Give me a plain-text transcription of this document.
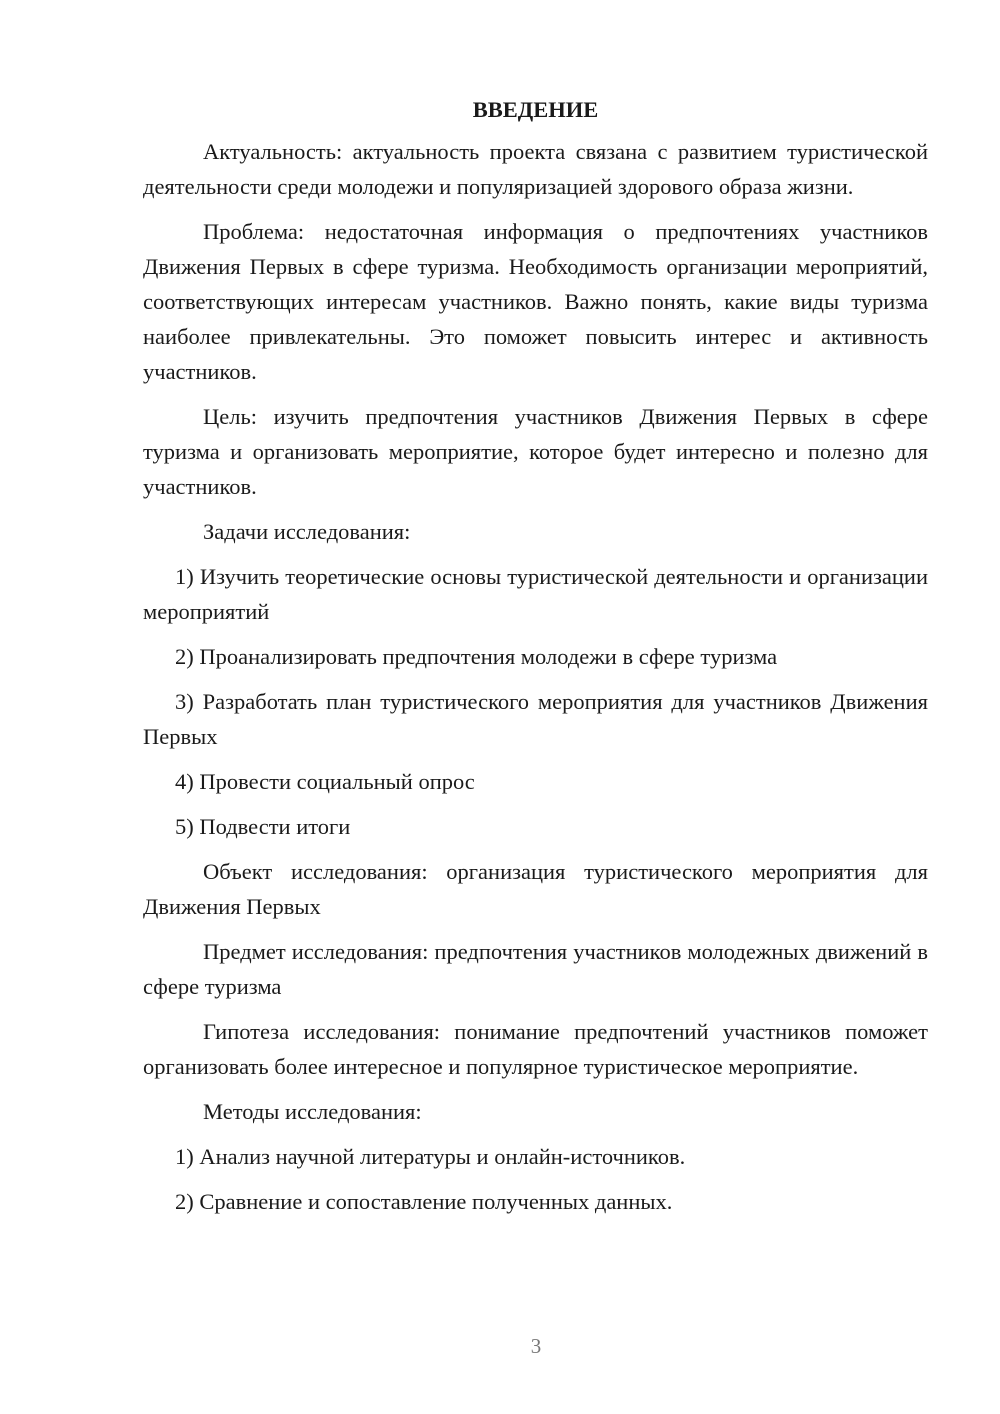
ВВЕДЕНИЕ

Актуальность: актуальность проекта связана с развитием туристической деятельности среди молодежи и популяризацией здорового образа жизни.

Проблема: недостаточная информация о предпочтениях участников Движения Первых в сфере туризма. Необходимость организации мероприятий, соответствующих интересам участников. Важно понять, какие виды туризма наиболее привлекательны. Это поможет повысить интерес и активность участников.

Цель: изучить предпочтения участников Движения Первых в сфере туризма и организовать мероприятие, которое будет интересно и полезно для участников.

Задачи исследования:

1) Изучить теоретические основы туристической деятельности и организации мероприятий

2) Проанализировать предпочтения молодежи в сфере туризма

3) Разработать план туристического мероприятия для участников Движения Первых

4) Провести социальный опрос

5) Подвести итоги

Объект исследования: организация туристического мероприятия для Движения Первых

Предмет исследования: предпочтения участников молодежных движений в сфере туризма

Гипотеза исследования: понимание предпочтений участников поможет организовать более интересное и популярное туристическое мероприятие.

Методы исследования:

1) Анализ научной литературы и онлайн-источников.

2) Сравнение и сопоставление полученных данных.

3
